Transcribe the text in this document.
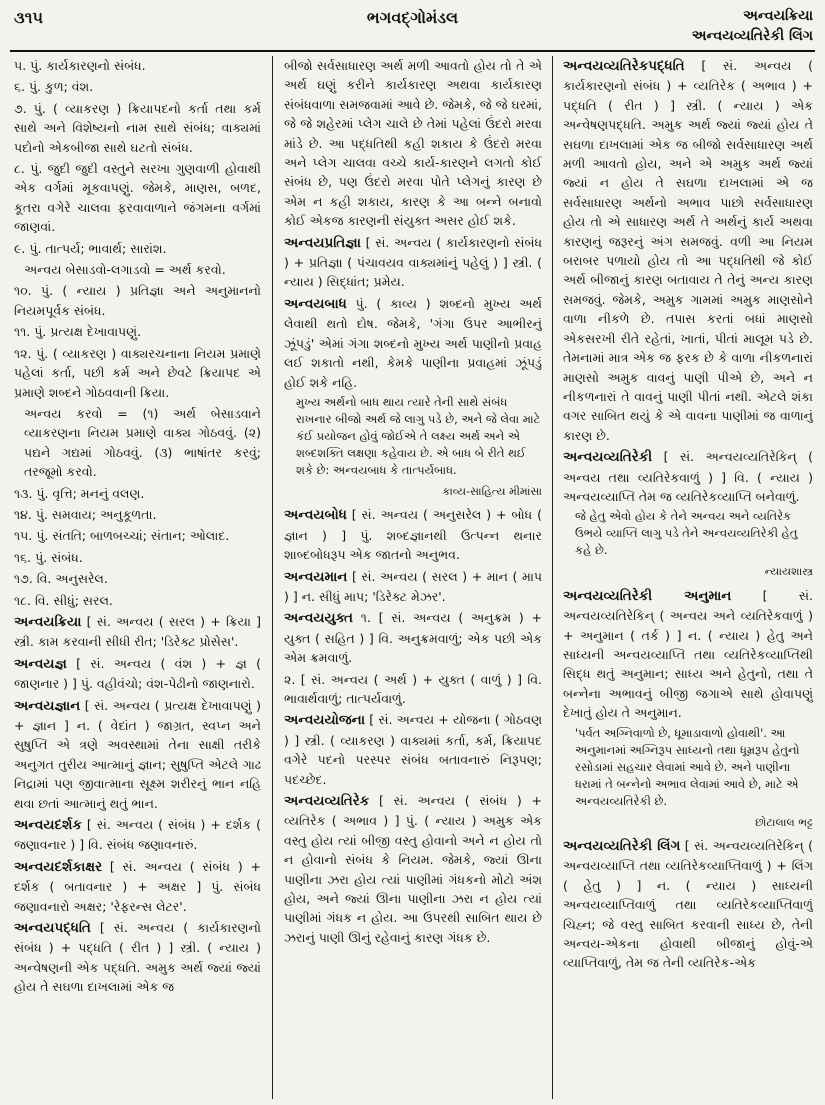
૩૧૫	ભગવદ્ગોમંડલ	અન્વયક્રિયા
અન્વયવ્યતિરેકી લિંગ

૫. પું. કાર્યકારણનો સંબંધ.

૬. પું. કુળ; વંશ.

૭. પું. ( વ્યાકરણ ) ક્રિયાપદનો કર્તા તથા કર્મ સાથે અને વિશેષ્યનો નામ સાથે સંબંધ; વાક્યમાં પદોનો એકબીજા સાથે ઘટતો સંબંધ.

૮. પું. જુદી જુદી વસ્તુને સરખા ગુણવાળી હોવાથી એક વર્ગમાં મૂકવાપણું. જેમકે, માણસ, બળદ, કૂતરા વગેરે ચાલવા ફરવાવાળાને જંગમના વર્ગમાં જાણવાં.

૯. પું. તાત્પર્ય; ભાવાર્થ; સારાંશ.

અન્વય બેસાડવો-લગાડવો = અર્થ કરવો.

૧૦. પું. ( ન્યાય ) પ્રતિજ્ઞા અને અનુમાનનો નિયમપૂર્વક સંબંધ.

૧૧. પું. પ્રત્યક્ષ દેખાવાપણું.

૧૨. પું. ( વ્યાકરણ ) વાક્યરચનાના નિયમ પ્રમાણે પહેલાં કર્તા, પછી કર્મ અને છેવટે ક્રિયાપદ એ પ્રમાણે શબ્દને ગોઠવવાની ક્રિયા.

અન્વય કરવો = (૧) અર્થ બેસાડવાને વ્યાકરણના નિયમ પ્રમાણે વાક્ય ગોઠવવું. (૨) પદ્યને ગદ્યમાં ગોઠવવું. (૩) ભાષાંતર કરવું; તરજૂમો કરવો.

૧૩. પું. વૃત્તિ; મનનું વલણ.

૧૪. પું. સમવાય; અનુકૂળતા.

૧૫. પું. સંતતિ; બાળબચ્ચાં; સંતાન; ઓલાદ.

૧૬. પું. સંબંધ.

૧૭. વિ. અનુસરેલ.

૧૮. વિ. સીધું; સરલ.

અન્વયક્રિયા [ સં. અન્વય ( સરલ ) + ક્રિયા ] સ્ત્રી. કામ કરવાની સીધી રીત; 'ડિરેક્ટ પ્રોસેસ'.

અન્વયજ્ઞ [ સં. અન્વય ( વંશ ) + જ્ઞ ( જાણનાર ) ] પું. વહીવંચો; વંશ-પેઢીનો જાણનારો.

અન્વયજ્ઞાન [ સં. અન્વય ( પ્રત્યક્ષ દેખાવાપણું ) + જ્ઞાન ] ન. ( વેદાંત ) જાગ્રત, સ્વપ્ન અને સુષુપ્તિ એ ત્રણે અવસ્થામાં તેના સાક્ષી તરીકે અનુગત તુરીય આત્માનું જ્ઞાન; સુષુપ્તિ એટલે ગાઢ નિદ્રામાં પણ જીવાત્માના સૂક્ષ્મ શરીરનું ભાન નહિ થવા છતાં આત્માનું થતું ભાન.

અન્વયદર્શક [ સં. અન્વય ( સંબંધ ) + દર્શક ( જણાવનાર ) ] વિ. સંબંધ જણાવનારું.

અન્વયદર્શકાક્ષર [ સં. અન્વય ( સંબંધ ) + દર્શક ( બતાવનાર ) + અક્ષર ] પું. સંબંધ જણાવનારો અક્ષર; 'રેફરન્સ લેટર'.

અન્વયપદ્ધતિ [ સં. અન્વય ( કાર્યકારણનો સંબંધ ) + પદ્ધતિ ( રીત ) ] સ્ત્રી. ( ન્યાય ) અન્વેષણની એક પદ્ધતિ. અમુક અર્થ જ્યાં જ્યાં હોય તે સઘળા દાખલામાં એક જ

બીજો સર્વસાધારણ અર્થ મળી આવતો હોય તો તે એ અર્થ ઘણું કરીને કાર્યકારણ અથવા કાર્યકારણ સંબંધવાળા સમજવામાં આવે છે. જેમકે, જે જે ઘરમાં, જે જે શહેરમાં પ્લેગ ચાલે છે તેમાં પહેલાં ઉંદરો મરવા માંડે છે. આ પદ્ધતિથી કહી શકાય કે ઉંદરો મરવા અને પ્લેગ ચાલવા વચ્ચે કાર્ય-કારણને લગતો કોઈ સંબંધ છે, પણ ઉંદરો મરવા પોતે પ્લેગનું કારણ છે એમ ન કહી શકાય, કારણ કે આ બન્ને બનાવો કોઈ એકજ કારણની સંયુક્ત અસર હોઈ શકે.

અન્વયપ્રતિજ્ઞા [ સં. અન્વય ( કાર્યકારણનો સંબંધ ) + પ્રતિજ્ઞા ( પંચાવયવ વાક્યમાંનું પહેલું ) ] સ્ત્રી. ( ન્યાય ) સિદ્ધાંત; પ્રમેય.

અન્વયબાધ પું. ( કાવ્ય ) શબ્દનો મુખ્ય અર્થ લેવાથી થતો દોષ. જેમકે, 'ગંગા ઉપર આભીરનું ઝૂંપડું' એમાં ગંગા શબ્દનો મુખ્ય અર્થ પાણીનો પ્રવાહ લઈ શકાતો નથી, કેમકે પાણીના પ્રવાહમાં ઝૂંપડું હોઈ શકે નહિ.

મુખ્ય અર્થનો બાધ થાય ત્યારે તેની સાથે સંબંધ રાખનાર બીજો અર્થ જે લાગુ પડે છે, અને જે લેવા માટે કંઈ પ્રયોજન હોવું જોઈએ તે લક્ષ્ય અર્થ અને એ શબ્દશક્તિ લક્ષણા કહેવાય છે. એ બાધ બે રીતે થઈ શકે છે: અન્વયબાધ કે તાત્પર્યબાધ.

કાવ્ય-સાહિત્ય મીમાંસા

અન્વયબોધ [ સં. અન્વય ( અનુસરેલ ) + બોધ ( જ્ઞાન ) ] પું. શબ્દજ્ઞાનથી ઉત્પન્ન થનાર શાબ્દબોધરૂપ એક જાતનો અનુભવ.

અન્વયમાન [ સં. અન્વય ( સરલ ) + માન ( માપ ) ] ન. સીધું માપ; 'ડિરેક્ટ મેઝર'.

અન્વયયુક્ત ૧. [ સં. અન્વય ( અનુક્રમ ) + યુક્ત ( સહિત ) ] વિ. અનુક્રમવાળું; એક પછી એક એમ ક્રમવાળું.

૨. [ સં. અન્વય ( અર્થ ) + યુક્ત ( વાળું ) ] વિ. ભાવાર્થવાળું; તાત્પર્યવાળું.

અન્વયયોજના [ સં. અન્વય + યોજના ( ગોઠવણ ) ] સ્ત્રી. ( વ્યાકરણ ) વાક્યમાં કર્તા, કર્મ, ક્રિયાપદ વગેરે પદનો પરસ્પર સંબંધ બતાવનારું નિરૂપણ; પદચ્છેદ.

અન્વયવ્યતિરેક [ સં. અન્વય ( સંબંધ ) + વ્યતિરેક ( અભાવ ) ] પું. ( ન્યાય ) અમુક એક વસ્તુ હોય ત્યાં બીજી વસ્તુ હોવાનો અને ન હોય તો ન હોવાનો સંબંધ કે નિયમ. જેમકે, જ્યાં ઊના પાણીના ઝરા હોય ત્યાં પાણીમાં ગંધકનો મોટો અંશ હોય, અને જ્યાં ઊના પાણીના ઝરા ન હોય ત્યાં પાણીમાં ગંધક ન હોય. આ ઉપરથી સાબિત થાય છે ઝરાનું પાણી ઊનું રહેવાનું કારણ ગંધક છે.

અન્વયવ્યતિરેકપદ્ધતિ [ સં. અન્વય ( કાર્યકારણનો સંબંધ ) + વ્યતિરેક ( અભાવ ) + પદ્ધતિ ( રીત ) ] સ્ત્રી. ( ન્યાય ) એક અન્વેષણપદ્ધતિ. અમુક અર્થ જ્યાં જ્યાં હોય તે સઘળા દાખલામાં એક જ બીજો સર્વસાધારણ અર્થ મળી આવતો હોય, અને એ અમુક અર્થ જ્યાં જ્યાં ન હોય તે સઘળા દાખલામાં એ જ સર્વસાધારણ અર્થનો અભાવ પાછો સર્વસાધારણ હોય તો એ સાધારણ અર્થ તે અર્થનું કાર્ય અથવા કારણનું જરૂરનું અંગ સમજવું. વળી આ નિયમ બરાબર પળાયો હોય તો આ પદ્ધતિથી જે કોઈ અર્થ બીજાનું કારણ બતાવાય તે તેનું અન્ય કારણ સમજવું. જેમકે, અમુક ગામમાં અમુક માણસોને વાળા નીકળે છે. તપાસ કરતાં બધાં માણસો એકસરખી રીતે રહેતાં, ખાતાં, પીતાં માલૂમ પડે છે. તેમનામાં માત્ર એક જ ફરક છે કે વાળા નીકળનારાં માણસો અમુક વાવનું પાણી પીએ છે, અને ન નીકળનારાં તે વાવનું પાણી પીતાં નથી. એટલે શંકા વગર સાબિત થયું કે એ વાવના પાણીમાં જ વાળાનું કારણ છે.

અન્વયવ્યતિરેકી [ સં. અન્વયવ્યતિરેકિન્ ( અન્વય તથા વ્યતિરેકવાળું ) ] વિ. ( ન્યાય ) અન્વયવ્યાપ્તિ તેમ જ વ્યતિરેકવ્યાપ્તિ બનેવાળું.

જે હેતુ એવો હોય કે તેને અન્વય અને વ્યતિરેક ઉભયે વ્યાપ્તિ લાગુ પડે તેને અન્વયવ્યતિરેકી હેતુ કહે છે.

ન્યાયશાસ્ત્ર

અન્વયવ્યતિરેકી અનુમાન [ સં. અન્વયવ્યતિરેકિન્ ( અન્વય અને વ્યતિરેકવાળું ) + અનુમાન ( તર્ક ) ] ન. ( ન્યાય ) હેતુ અને સાધ્યની અન્વયવ્યાપ્તિ તથા વ્યતિરેકવ્યાપ્તિથી સિદ્ધ થતું અનુમાન; સાધ્ય અને હેતુનો, તથા તે બન્નેના અભાવનું બીજી જગાએ સાથે હોવાપણું દેખાતું હોય તે અનુમાન.

'પર્વત અગ્નિવાળો છે, ધૂમાડાવાળો હોવાથી'. આ અનુમાનમાં અગ્નિરૂપ સાધ્યનો તથા ધૂમ્રરૂપ હેતુનો રસોડામાં સહચાર લેવામાં આવે છે. અને પાણીના ધરામાં તે બન્નેનો અભાવ લેવામાં આવે છે, માટે એ અન્વયવ્યતિરેકી છે.

છોટાલાલ ભટ્ટ

અન્વયવ્યતિરેકી લિંગ [ સં. અન્વયવ્યતિરેકિન્ ( અન્વયવ્યાપ્તિ તથા વ્યતિરેકવ્યાપ્તિવાળું ) + લિંગ ( હેતુ ) ] ન. ( ન્યાય ) સાધ્યની અન્વયવ્યાપ્તિવાળું તથા વ્યતિરેકવ્યાપ્તિવાળું ચિહ્ન; જે વસ્તુ સાબિત કરવાની સાધ્ય છે, તેની અન્વય-એકના હોવાથી બીજાનું હોવું-એ વ્યાપ્તિવાળું, તેમ જ તેની વ્યતિરેક-એક
